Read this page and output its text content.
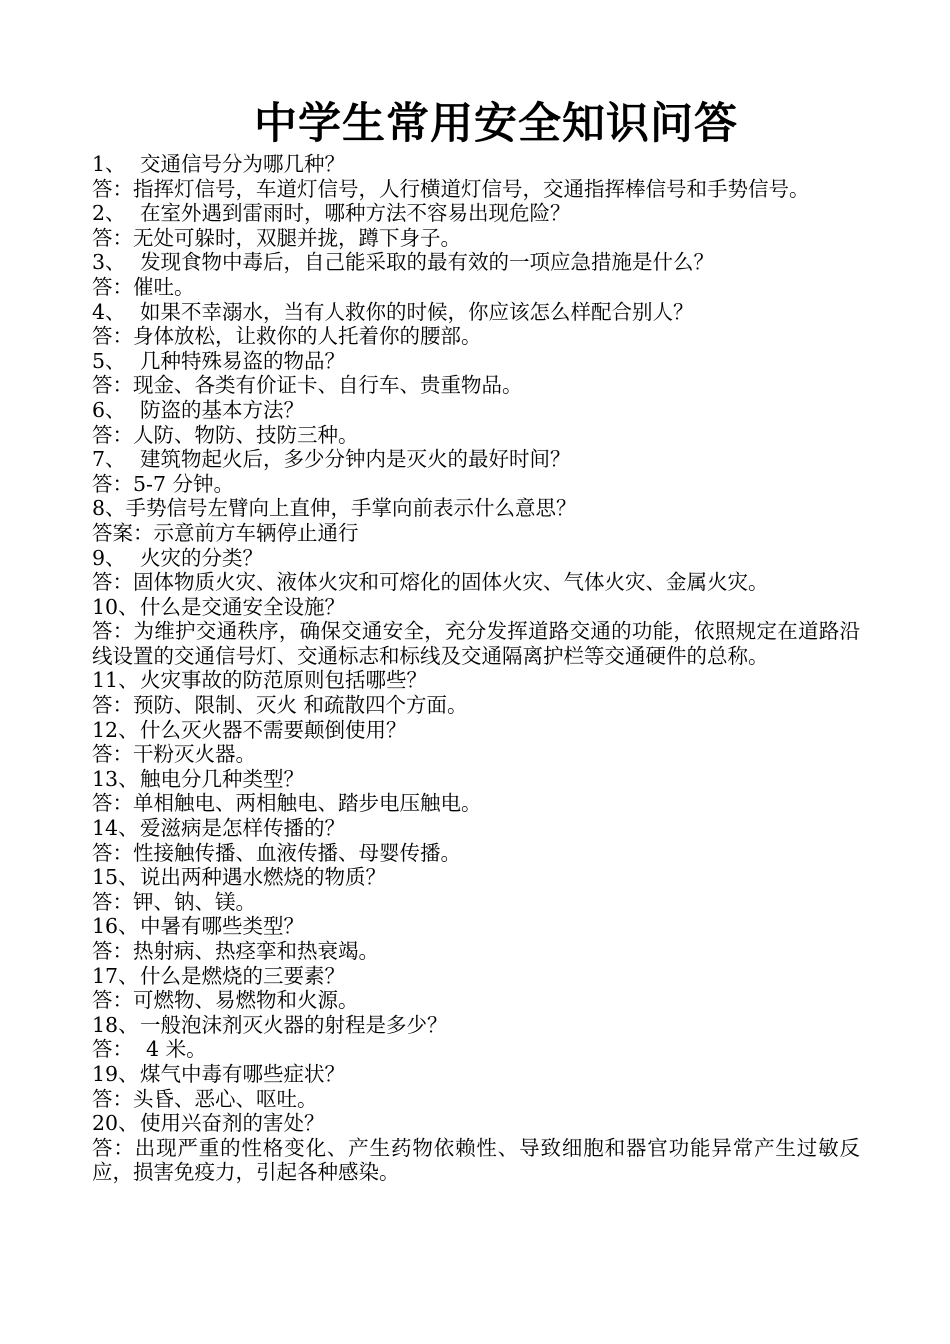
中学生常用安全知识问答

1、 交通信号分为哪几种？

答：指挥灯信号，车道灯信号，人行横道灯信号，交通指挥棒信号和手势信号。

2、 在室外遇到雷雨时，哪种方法不容易出现危险？

答：无处可躲时，双腿并拢，蹲下身子。

3、 发现食物中毒后，自己能采取的最有效的一项应急措施是什么？

答：催吐。

4、 如果不幸溺水，当有人救你的时候，你应该怎么样配合别人？

答：身体放松，让救你的人托着你的腰部。

5、 几种特殊易盗的物品？

答：现金、各类有价证卡、自行车、贵重物品。

6、 防盗的基本方法？

答：人防、物防、技防三种。

7、 建筑物起火后，多少分钟内是灭火的最好时间？

答：5-7 分钟。

8、手势信号左臂向上直伸，手掌向前表示什么意思？

答案：示意前方车辆停止通行

9、 火灾的分类？

答：固体物质火灾、液体火灾和可熔化的固体火灾、气体火灾、金属火灾。

10、什么是交通安全设施？

答：为维护交通秩序，确保交通安全，充分发挥道路交通的功能，依照规定在道路沿线设置的交通信号灯、交通标志和标线及交通隔离护栏等交通硬件的总称。

11、火灾事故的防范原则包括哪些？

答：预防、限制、灭火 和疏散四个方面。

12、什么灭火器不需要颠倒使用？

答：干粉灭火器。

13、触电分几种类型？

答：单相触电、两相触电、踏步电压触电。

14、爱滋病是怎样传播的？

答：性接触传播、血液传播、母婴传播。

15、说出两种遇水燃烧的物质？

答：钾、钠、镁。

16、中暑有哪些类型？

答：热射病、热痉挛和热衰竭。

17、什么是燃烧的三要素？

答：可燃物、易燃物和火源。

18、一般泡沫剂灭火器的射程是多少？

答：  4 米。

19、煤气中毒有哪些症状？

答：头昏、恶心、呕吐。

20、使用兴奋剂的害处？

答：出现严重的性格变化、产生药物依赖性、导致细胞和器官功能异常产生过敏反应，损害免疫力，引起各种感染。
